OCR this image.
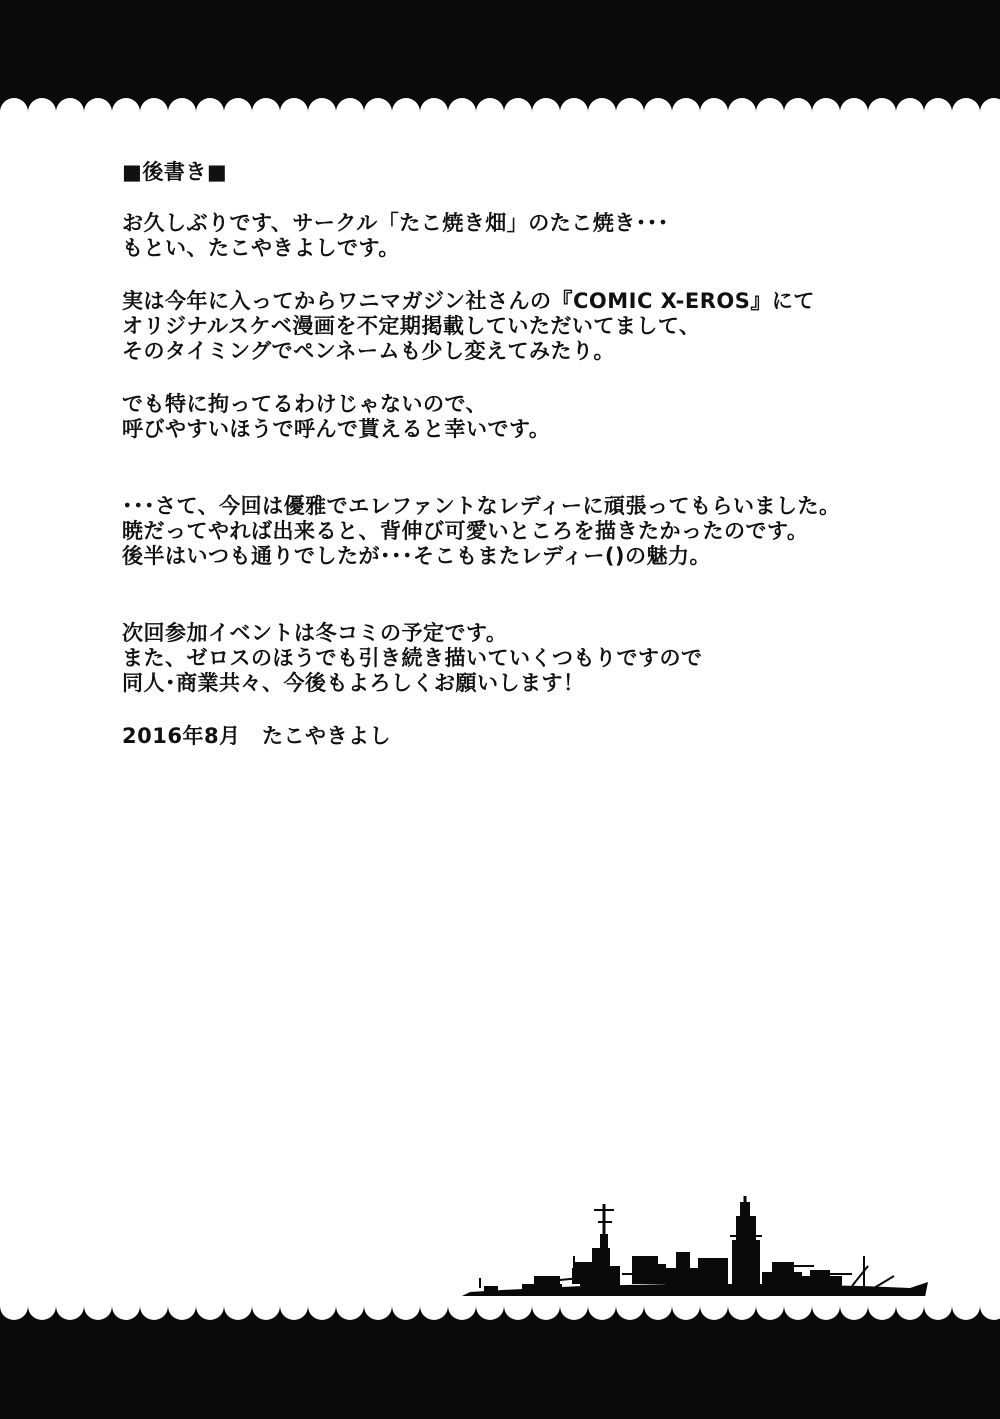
■後書き■

お久しぶりです、サークル「たこ焼き畑」のたこ焼き･･･

もとい、たこやきよしです。

実は今年に入ってからワニマガジン社さんの『COMIC X-EROS』にて

オリジナルスケベ漫画を不定期掲載していただいてまして、

そのタイミングでペンネームも少し変えてみたり。

でも特に拘ってるわけじゃないので、

呼びやすいほうで呼んで貰えると幸いです。

･･･さて、今回は優雅でエレファントなレディーに頑張ってもらいました。

暁だってやれば出来ると、背伸び可愛いところを描きたかったのです。

後半はいつも通りでしたが･･･そこもまたレディー()の魅力。

次回参加イベントは冬コミの予定です。

また、ゼロスのほうでも引き続き描いていくつもりですので

同人･商業共々、今後もよろしくお願いします！

2016年8月　たこやきよし
